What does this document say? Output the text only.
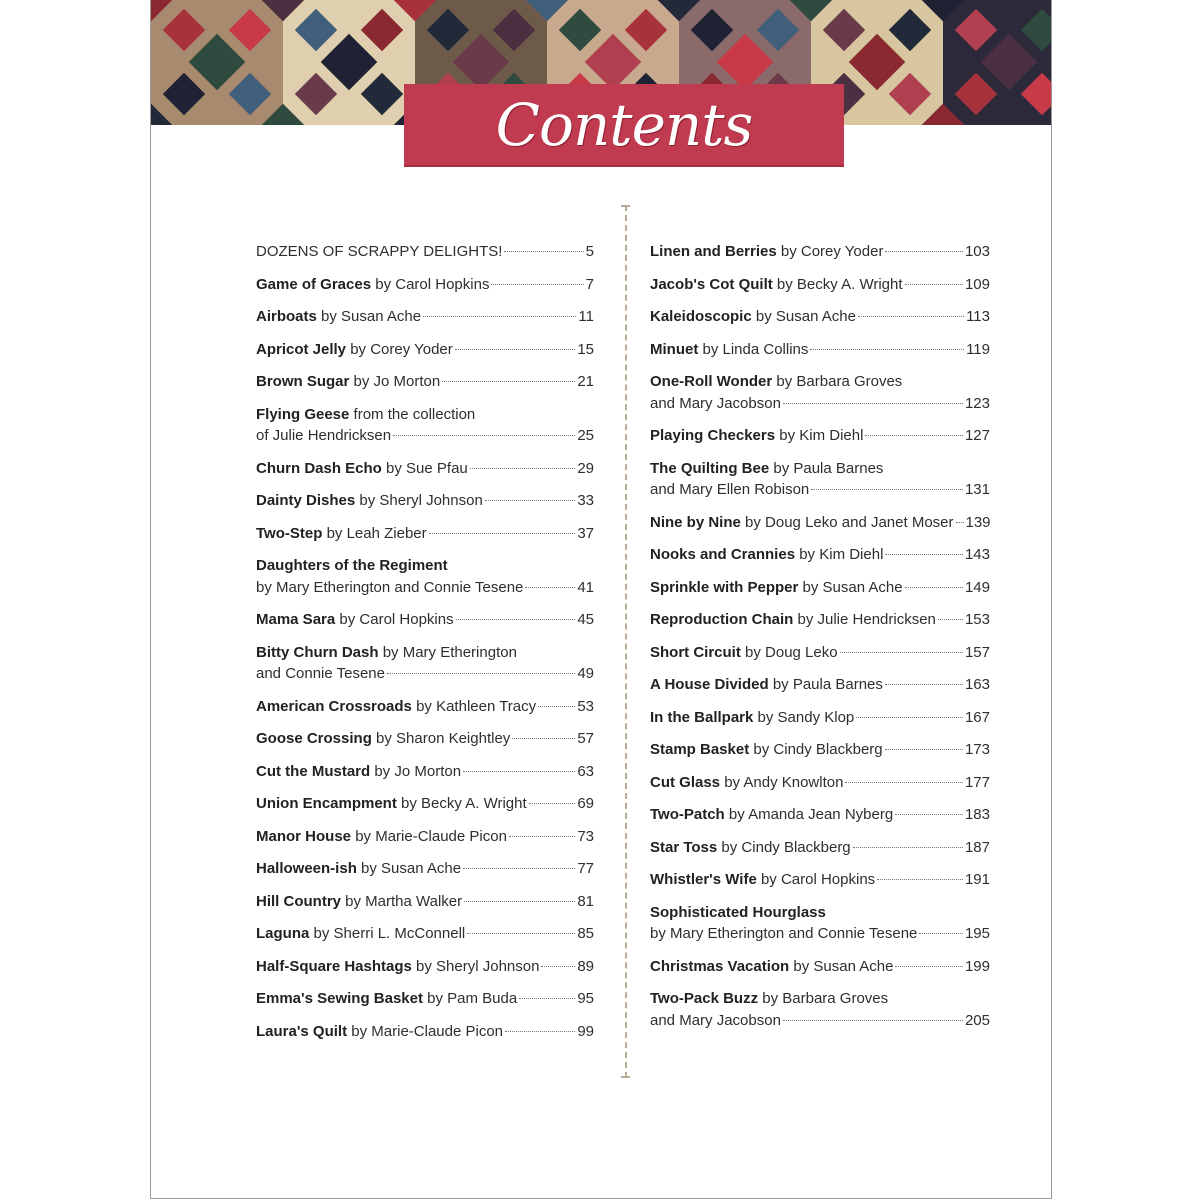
Contents
DOZENS OF SCRAPPY DELIGHTS!	5
Game of Graces
by Carol Hopkins	7
Airboats
by Susan Ache	11
Apricot Jelly
by Corey Yoder	15
Brown Sugar
by Jo Morton	21
Flying Geese
from the collection
of Julie Hendricksen	25
Churn Dash Echo
by Sue Pfau	29
Dainty Dishes
by Sheryl Johnson	33
Two-Step
by Leah Zieber	37
Daughters of the Regiment
by Mary Etherington and Connie Tesene	41
Mama Sara
by Carol Hopkins	45
Bitty Churn Dash
by Mary Etherington
and Connie Tesene	49
American Crossroads
by Kathleen Tracy	53
Goose Crossing
by Sharon Keightley	57
Cut the Mustard
by Jo Morton	63
Union Encampment
by Becky A. Wright	69
Manor House
by Marie-Claude Picon	73
Halloween-ish
by Susan Ache	77
Hill Country
by Martha Walker	81
Laguna
by Sherri L. McConnell	85
Half-Square Hashtags
by Sheryl Johnson	89
Emma's Sewing Basket
by Pam Buda	95
Laura's Quilt
by Marie-Claude Picon	99
Linen and Berries
by Corey Yoder	103
Jacob's Cot Quilt
by Becky A. Wright	109
Kaleidoscopic
by Susan Ache	113
Minuet
by Linda Collins	119
One-Roll Wonder
by Barbara Groves
and Mary Jacobson	123
Playing Checkers
by Kim Diehl	127
The Quilting Bee
by Paula Barnes
and Mary Ellen Robison	131
Nine by Nine
by Doug Leko and Janet Moser 139
Nooks and Crannies
by Kim Diehl	143
Sprinkle with Pepper
by Susan Ache	149
Reproduction Chain
by Julie Hendricksen 153
Short Circuit
by Doug Leko	157
A House Divided
by Paula Barnes	163
In the Ballpark
by Sandy Klop	167
Stamp Basket
by Cindy Blackberg	173
Cut Glass
by Andy Knowlton	177
Two-Patch
by Amanda Jean Nyberg	183
Star Toss
by Cindy Blackberg	187
Whistler's Wife
by Carol Hopkins	191
Sophisticated Hourglass
by Mary Etherington and Connie Tesene	195
Christmas Vacation
by Susan Ache	199
Two-Pack Buzz
by Barbara Groves
and Mary Jacobson	205
